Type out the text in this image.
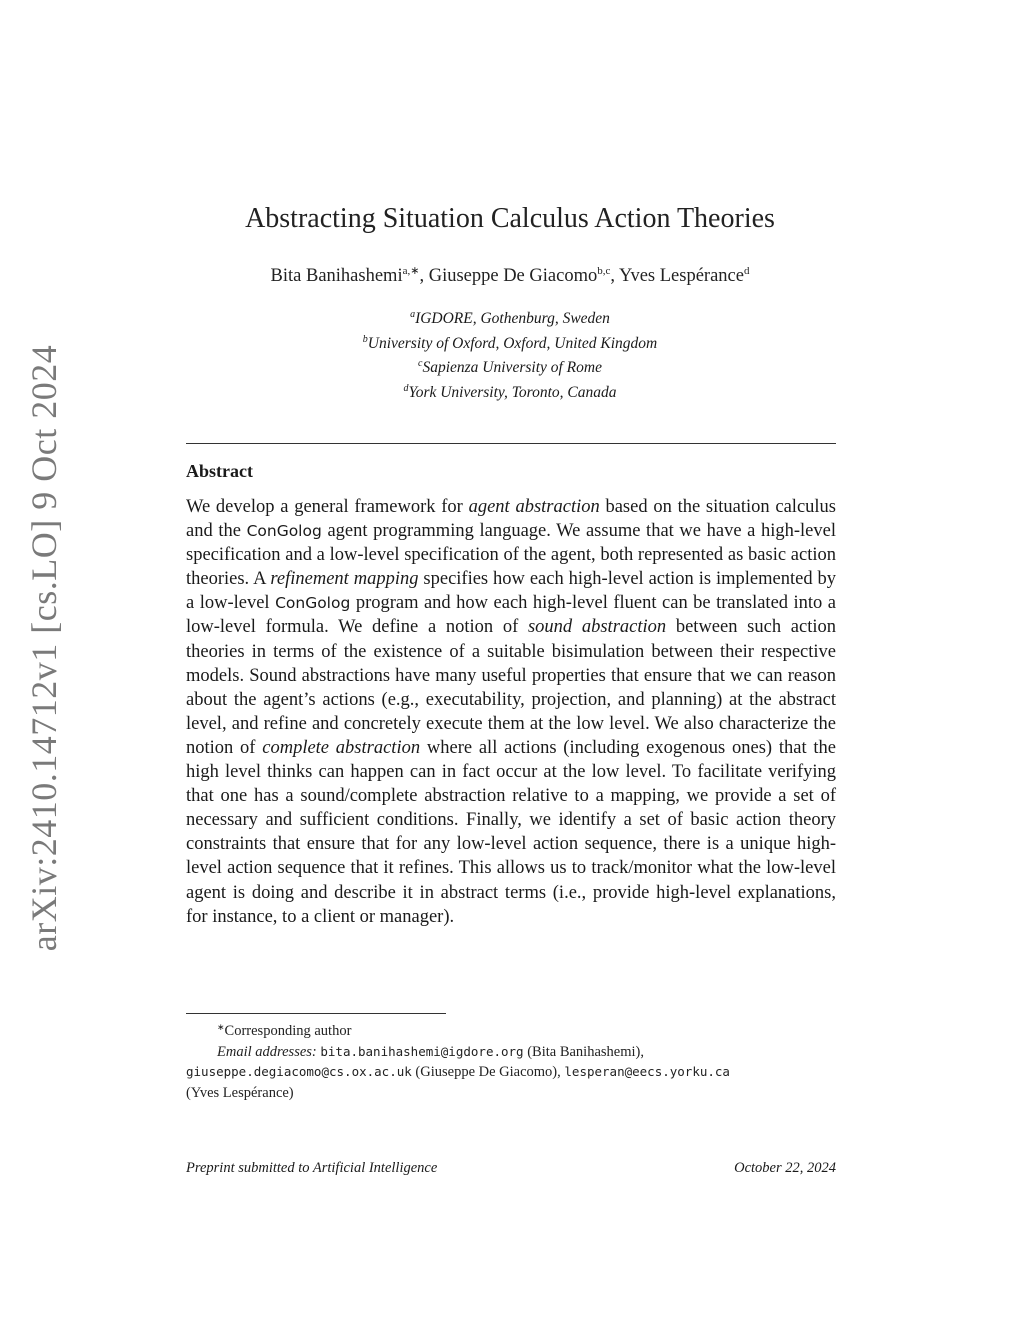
arXiv:2410.14712v1 [cs.LO] 9 Oct 2024
Abstracting Situation Calculus Action Theories
Bita Banihashemi$^{a,∗}$, Giuseppe De Giacomo$^{b,c}$, Yves Lespérance$^d$
$^a$IGDORE, Gothenburg, Sweden
$^b$University of Oxford, Oxford, United Kingdom
$^c$Sapienza University of Rome
$^d$York University, Toronto, Canada
Abstract
We develop a general framework for agent abstraction based on the situation calculus and the ConGolog agent programming language. We assume that we have a high-level specification and a low-level specification of the agent, both represented as basic action theories. A refinement mapping specifies how each high-level action is implemented by a low-level ConGolog program and how each high-level fluent can be translated into a low-level formula. We define a notion of sound abstraction between such action theories in terms of the existence of a suitable bisimulation between their respective models. Sound abstractions have many useful properties that ensure that we can reason about the agent’s actions (e.g., executability, projection, and planning) at the abstract level, and refine and concretely execute them at the low level. We also characterize the notion of complete abstraction where all actions (including exogenous ones) that the high level thinks can happen can in fact occur at the low level. To facilitate verifying that one has a sound/complete abstraction relative to a mapping, we provide a set of necessary and sufficient conditions. Finally, we identify a set of basic action theory constraints that ensure that for any low-level action sequence, there is a unique high-level action sequence that it refines. This allows us to track/monitor what the low-level agent is doing and describe it in abstract terms (i.e., provide high-level explanations, for instance, to a client or manager).
∗Corresponding author
Email addresses: bita.banihashemi@igdore.org (Bita Banihashemi),
giuseppe.degiacomo@cs.ox.ac.uk (Giuseppe De Giacomo), lesperan@eecs.yorku.ca
(Yves Lespérance)
Preprint submitted to Artificial Intelligence	October 22, 2024
